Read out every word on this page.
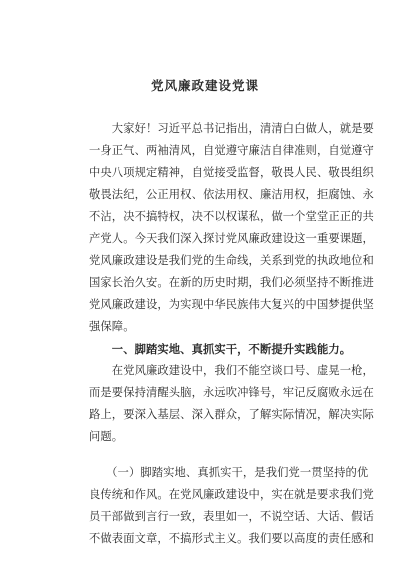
党风廉政建设党课
　　大家好！习近平总书记指出，清清白白做人，就是要
一身正气、两袖清风，自觉遵守廉洁自律准则，自觉遵守
中央八项规定精神，自觉接受监督，敬畏人民、敬畏组织
敬畏法纪，公正用权、依法用权、廉洁用权，拒腐蚀、永
不沾，决不搞特权，决不以权谋私，做一个堂堂正正的共
产党人。今天我们深入探讨党风廉政建设这一重要课题，
党风廉政建设是我们党的生命线，关系到党的执政地位和
国家长治久安。在新的历史时期，我们必须坚持不断推进
党风廉政建设，为实现中华民族伟大复兴的中国梦提供坚
强保障。
　　一、脚踏实地、真抓实干，不断提升实践能力。
　　在党风廉政建设中，我们不能空谈口号、虚晃一枪，
而是要保持清醒头脑，永远吹冲锋号，牢记反腐败永远在
路上，要深入基层、深入群众，了解实际情况，解决实际
问题。
　　（一）脚踏实地、真抓实干，是我们党一贯坚持的优
良传统和作风。在党风廉政建设中，实在就是要求我们党
员干部做到言行一致，表里如一，不说空话、大话、假话
不做表面文章，不搞形式主义。我们要以高度的责任感和
